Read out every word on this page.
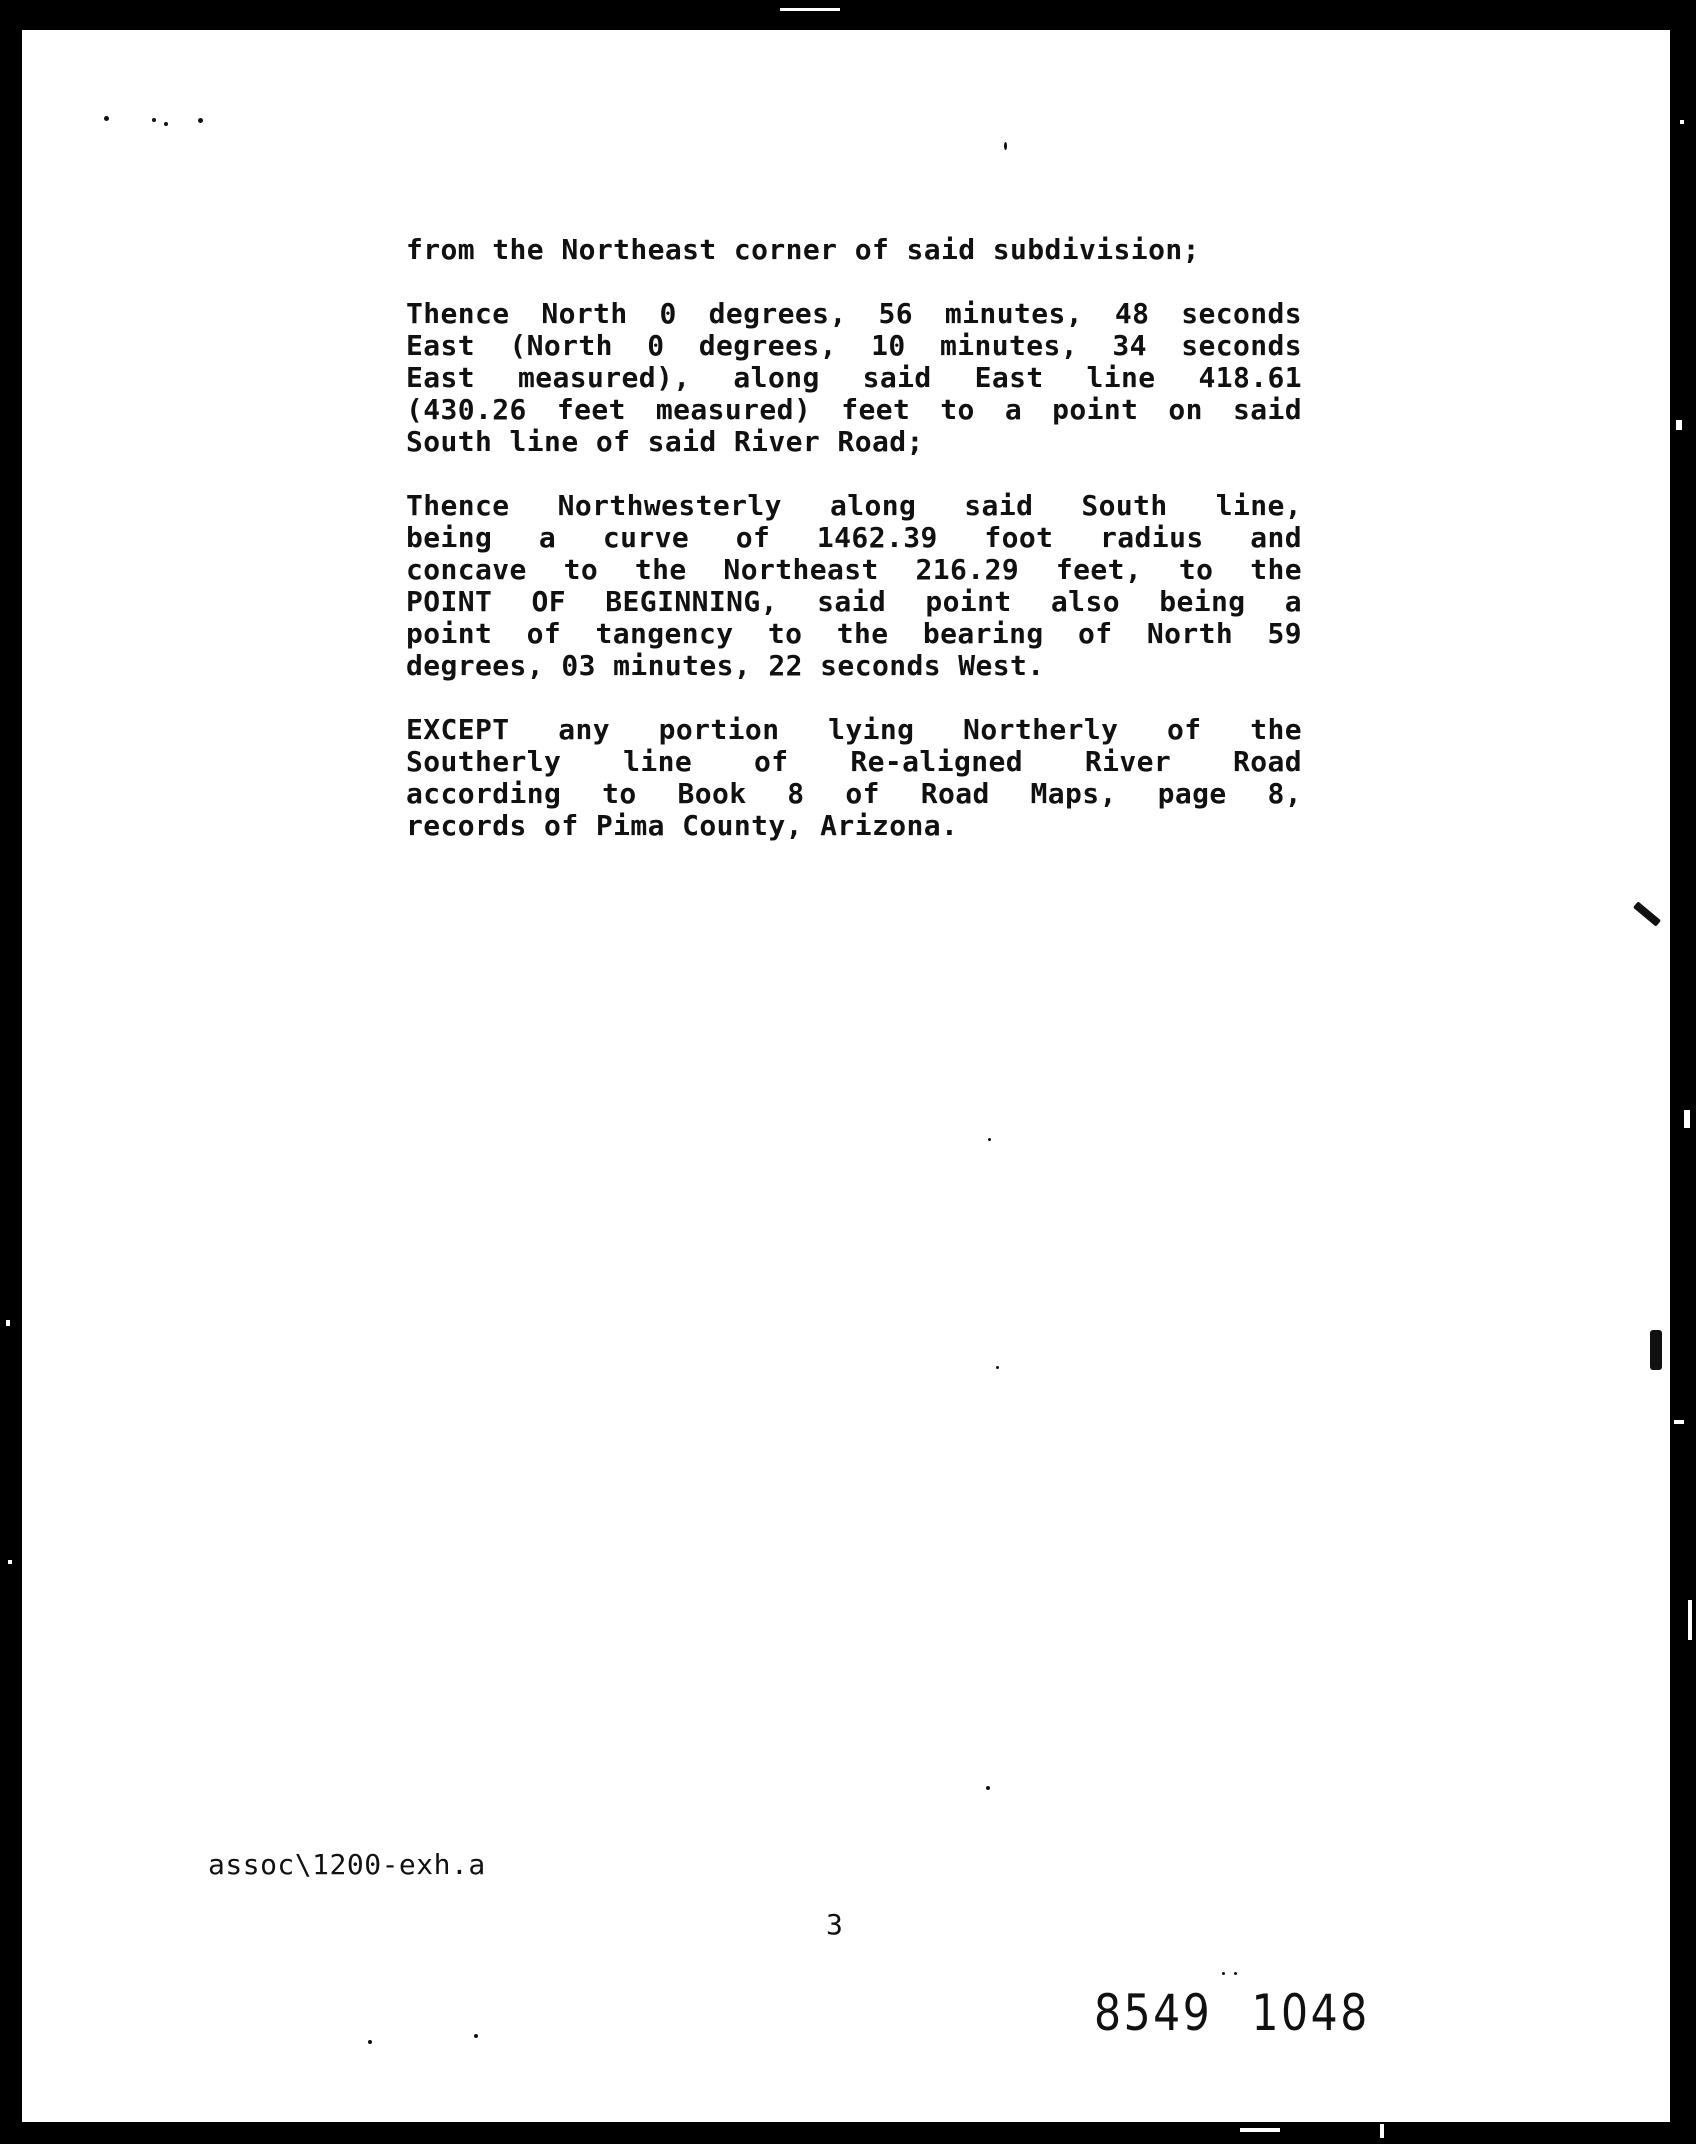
from the Northeast corner of said subdivision;
Thence North 0 degrees, 56 minutes, 48 seconds
East (North 0 degrees, 10 minutes, 34 seconds
East measured), along said East line 418.61
(430.26 feet measured) feet to a point on said
South line of said River Road;
Thence Northwesterly along said South line,
being a curve of 1462.39 foot radius and
concave to the Northeast 216.29 feet, to the
POINT OF BEGINNING, said point also being a
point of tangency to the bearing of North 59
degrees, 03 minutes, 22 seconds West.
EXCEPT any portion lying Northerly of the
Southerly line of Re-aligned River Road
according to Book 8 of Road Maps, page 8,
records of Pima County, Arizona.
assoc\1200-exh.a
3
8549 1048
